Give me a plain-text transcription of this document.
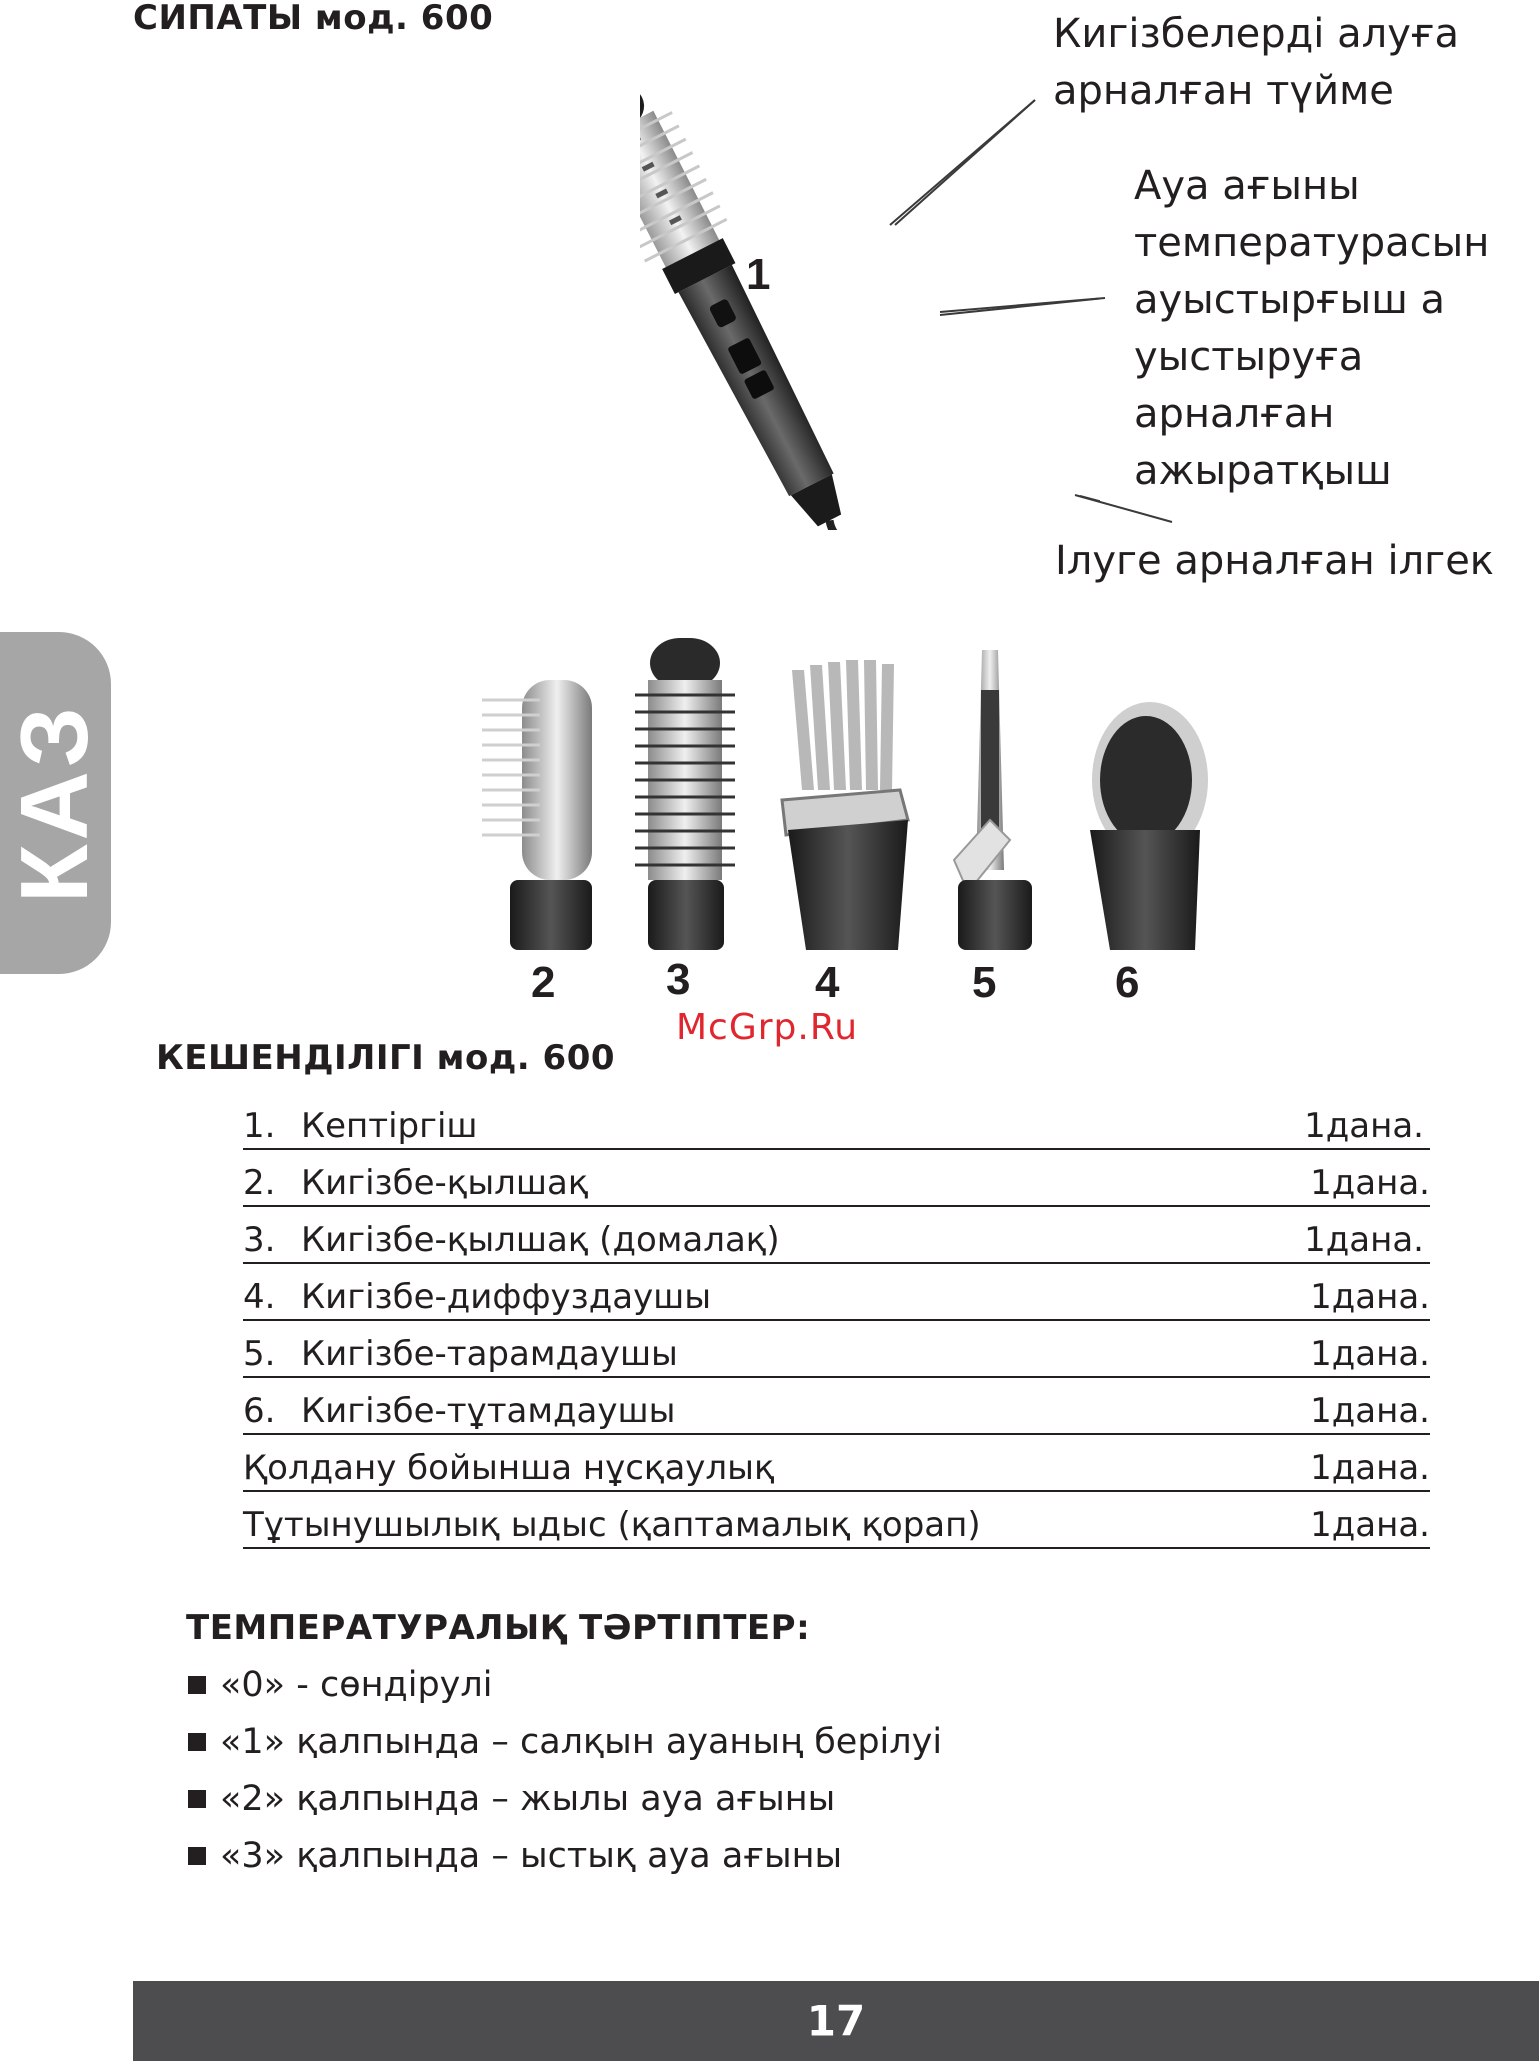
СИПАТЫ мод. 600
1
Кигізбелерді алуға
арналған түйме
Ауа ағыны
температурасын
ауыстырғыш а
уыстыруға арналған
ажыратқыш
Ілуге арналған ілгек
КАЗ
2	3	4	5	6
McGrp.Ru
КЕШЕНДІЛІГІ мод. 600
1. Кептіргіш	1дана.
2. Кигізбе-қылшақ	1дана.
3. Кигізбе-қылшақ (домалақ)	1дана.
4. Кигізбе-диффуздаушы	1дана.
5. Кигізбе-тарамдаушы	1дана.
6. Кигізбе-тұтамдаушы	1дана.
Қолдану бойынша нұсқаулық	1дана.
Тұтынушылық ыдыс (қаптамалық қорап)	1дана.
ТЕМПЕРАТУРАЛЫҚ ТӘРТІПТЕР:
«0» - сөндірулі
«1» қалпында – салқын ауаның берілуі
«2» қалпында – жылы ауа ағыны
«3» қалпында – ыстық ауа ағыны
17
